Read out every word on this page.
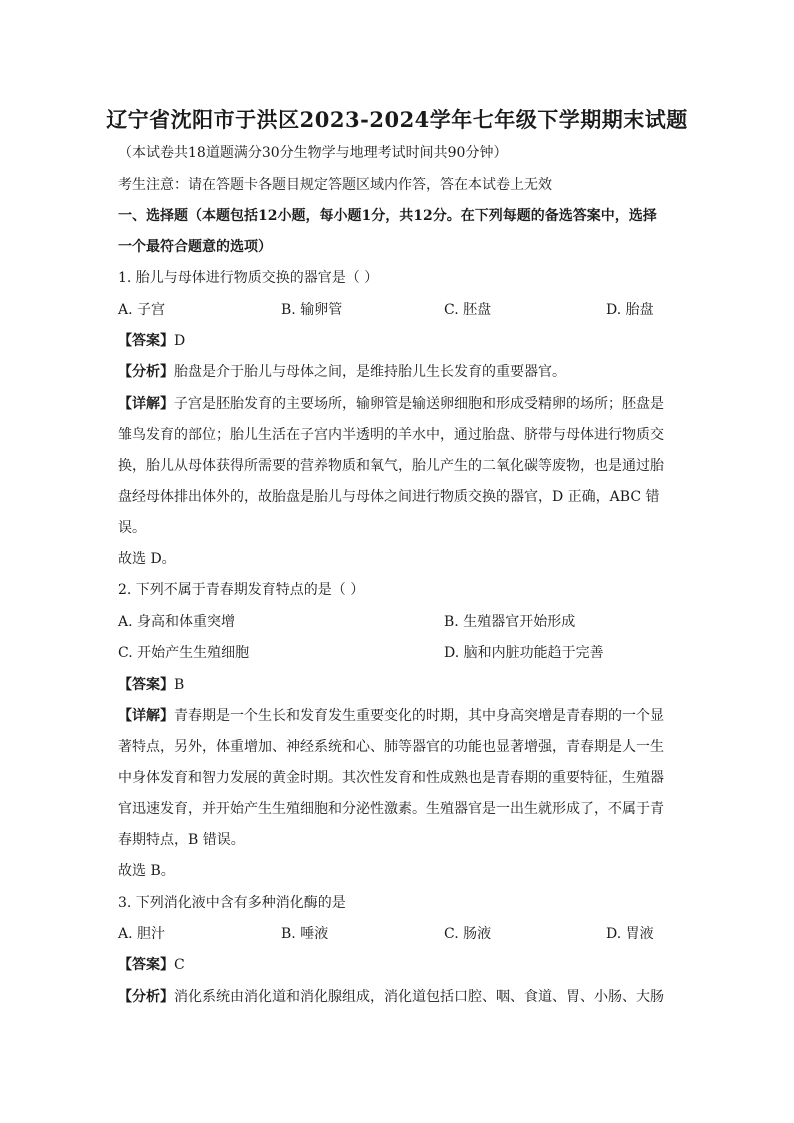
辽宁省沈阳市于洪区2023-2024学年七年级下学期期末试题
（本试卷共18道题满分30分生物学与地理考试时间共90分钟）
考生注意：请在答题卡各题目规定答题区域内作答，答在本试卷上无效
一、选择题（本题包括12小题，每小题1分，共12分。在下列每题的备选答案中，选择
一个最符合题意的选项）
1. 胎儿与母体进行物质交换的器官是（ ）
A. 子宫	B. 输卵管	C. 胚盘	D. 胎盘
【答案】D
【分析】胎盘是介于胎儿与母体之间，是维持胎儿生长发育的重要器官。
【详解】子宫是胚胎发育的主要场所，输卵管是输送卵细胞和形成受精卵的场所；胚盘是
雏鸟发育的部位；胎儿生活在子宫内半透明的羊水中，通过胎盘、脐带与母体进行物质交
换，胎儿从母体获得所需要的营养物质和氧气，胎儿产生的二氧化碳等废物，也是通过胎
盘经母体排出体外的，故胎盘是胎儿与母体之间进行物质交换的器官，D 正确，ABC 错
误。
故选 D。
2. 下列不属于青春期发育特点的是（ ）
A. 身高和体重突增	B. 生殖器官开始形成
C. 开始产生生殖细胞	D. 脑和内脏功能趋于完善
【答案】B
【详解】青春期是一个生长和发育发生重要变化的时期，其中身高突增是青春期的一个显
著特点，另外，体重增加、神经系统和心、肺等器官的功能也显著增强，青春期是人一生
中身体发育和智力发展的黄金时期。其次性发育和性成熟也是青春期的重要特征，生殖器
官迅速发育，并开始产生生殖细胞和分泌性激素。生殖器官是一出生就形成了，不属于青
春期特点，B 错误。
故选 B。
3. 下列消化液中含有多种消化酶的是
A. 胆汁	B. 唾液	C. 肠液	D. 胃液
【答案】C
【分析】消化系统由消化道和消化腺组成，消化道包括口腔、咽、食道、胃、小肠、大肠
